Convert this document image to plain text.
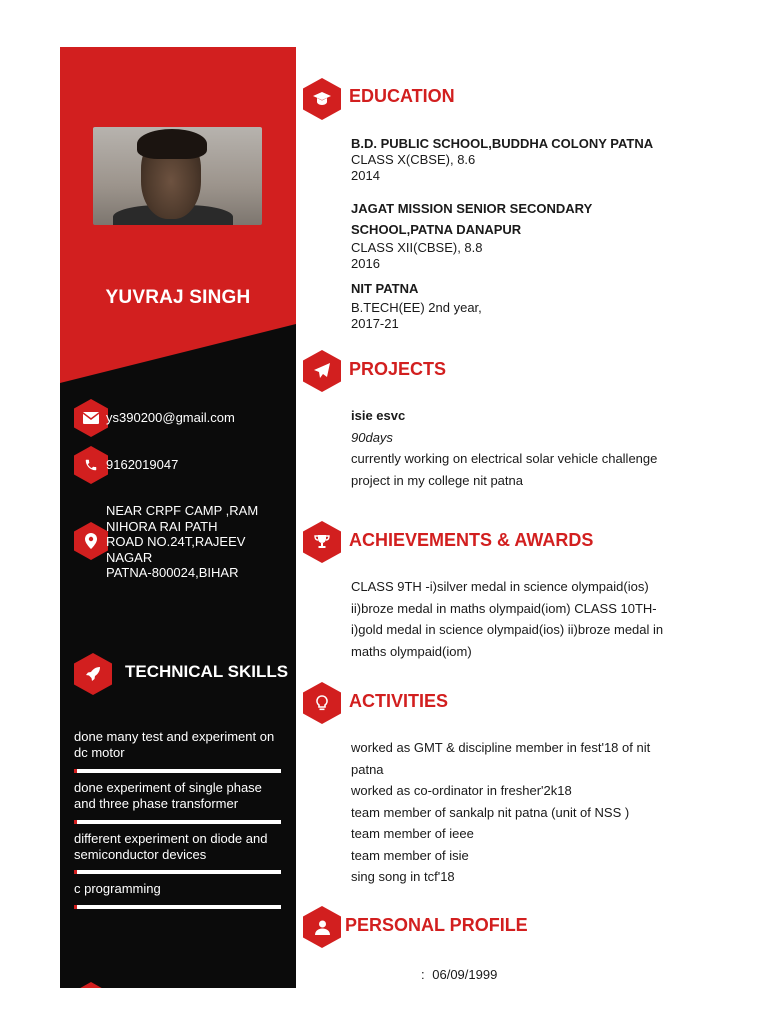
YUVRAJ SINGH
ys390200@gmail.com
9162019047
NEAR CRPF CAMP ,RAM
NIHORA RAI PATH
ROAD NO.24T,RAJEEV
NAGAR
PATNA-800024,BIHAR
TECHNICAL SKILLS
done many test and experiment on dc motor
done experiment of single phase and three phase transformer
different experiment on diode and semiconductor devices
c programming
EDUCATION
B.D. PUBLIC SCHOOL,BUDDHA COLONY PATNA
CLASS X(CBSE), 8.6
2014
JAGAT MISSION SENIOR SECONDARY SCHOOL,PATNA DANAPUR
CLASS XII(CBSE), 8.8
2016
NIT PATNA
B.TECH(EE) 2nd year,
2017-21
PROJECTS
isie esvc
90days
currently working on electrical solar vehicle challenge
project in my college nit patna
ACHIEVEMENTS & AWARDS
CLASS 9TH -i)silver medal in science olympaid(ios)
ii)broze medal in maths olympaid(iom) CLASS 10TH-
i)gold medal in science olympaid(ios) ii)broze medal in
maths olympaid(iom)
ACTIVITIES
worked as GMT & discipline member in fest'18 of nit
patna
worked as co-ordinator in fresher'2k18
team member of sankalp nit patna (unit of NSS )
team member of ieee
team member of isie
sing song in tcf'18
PERSONAL PROFILE
: 06/09/1999
